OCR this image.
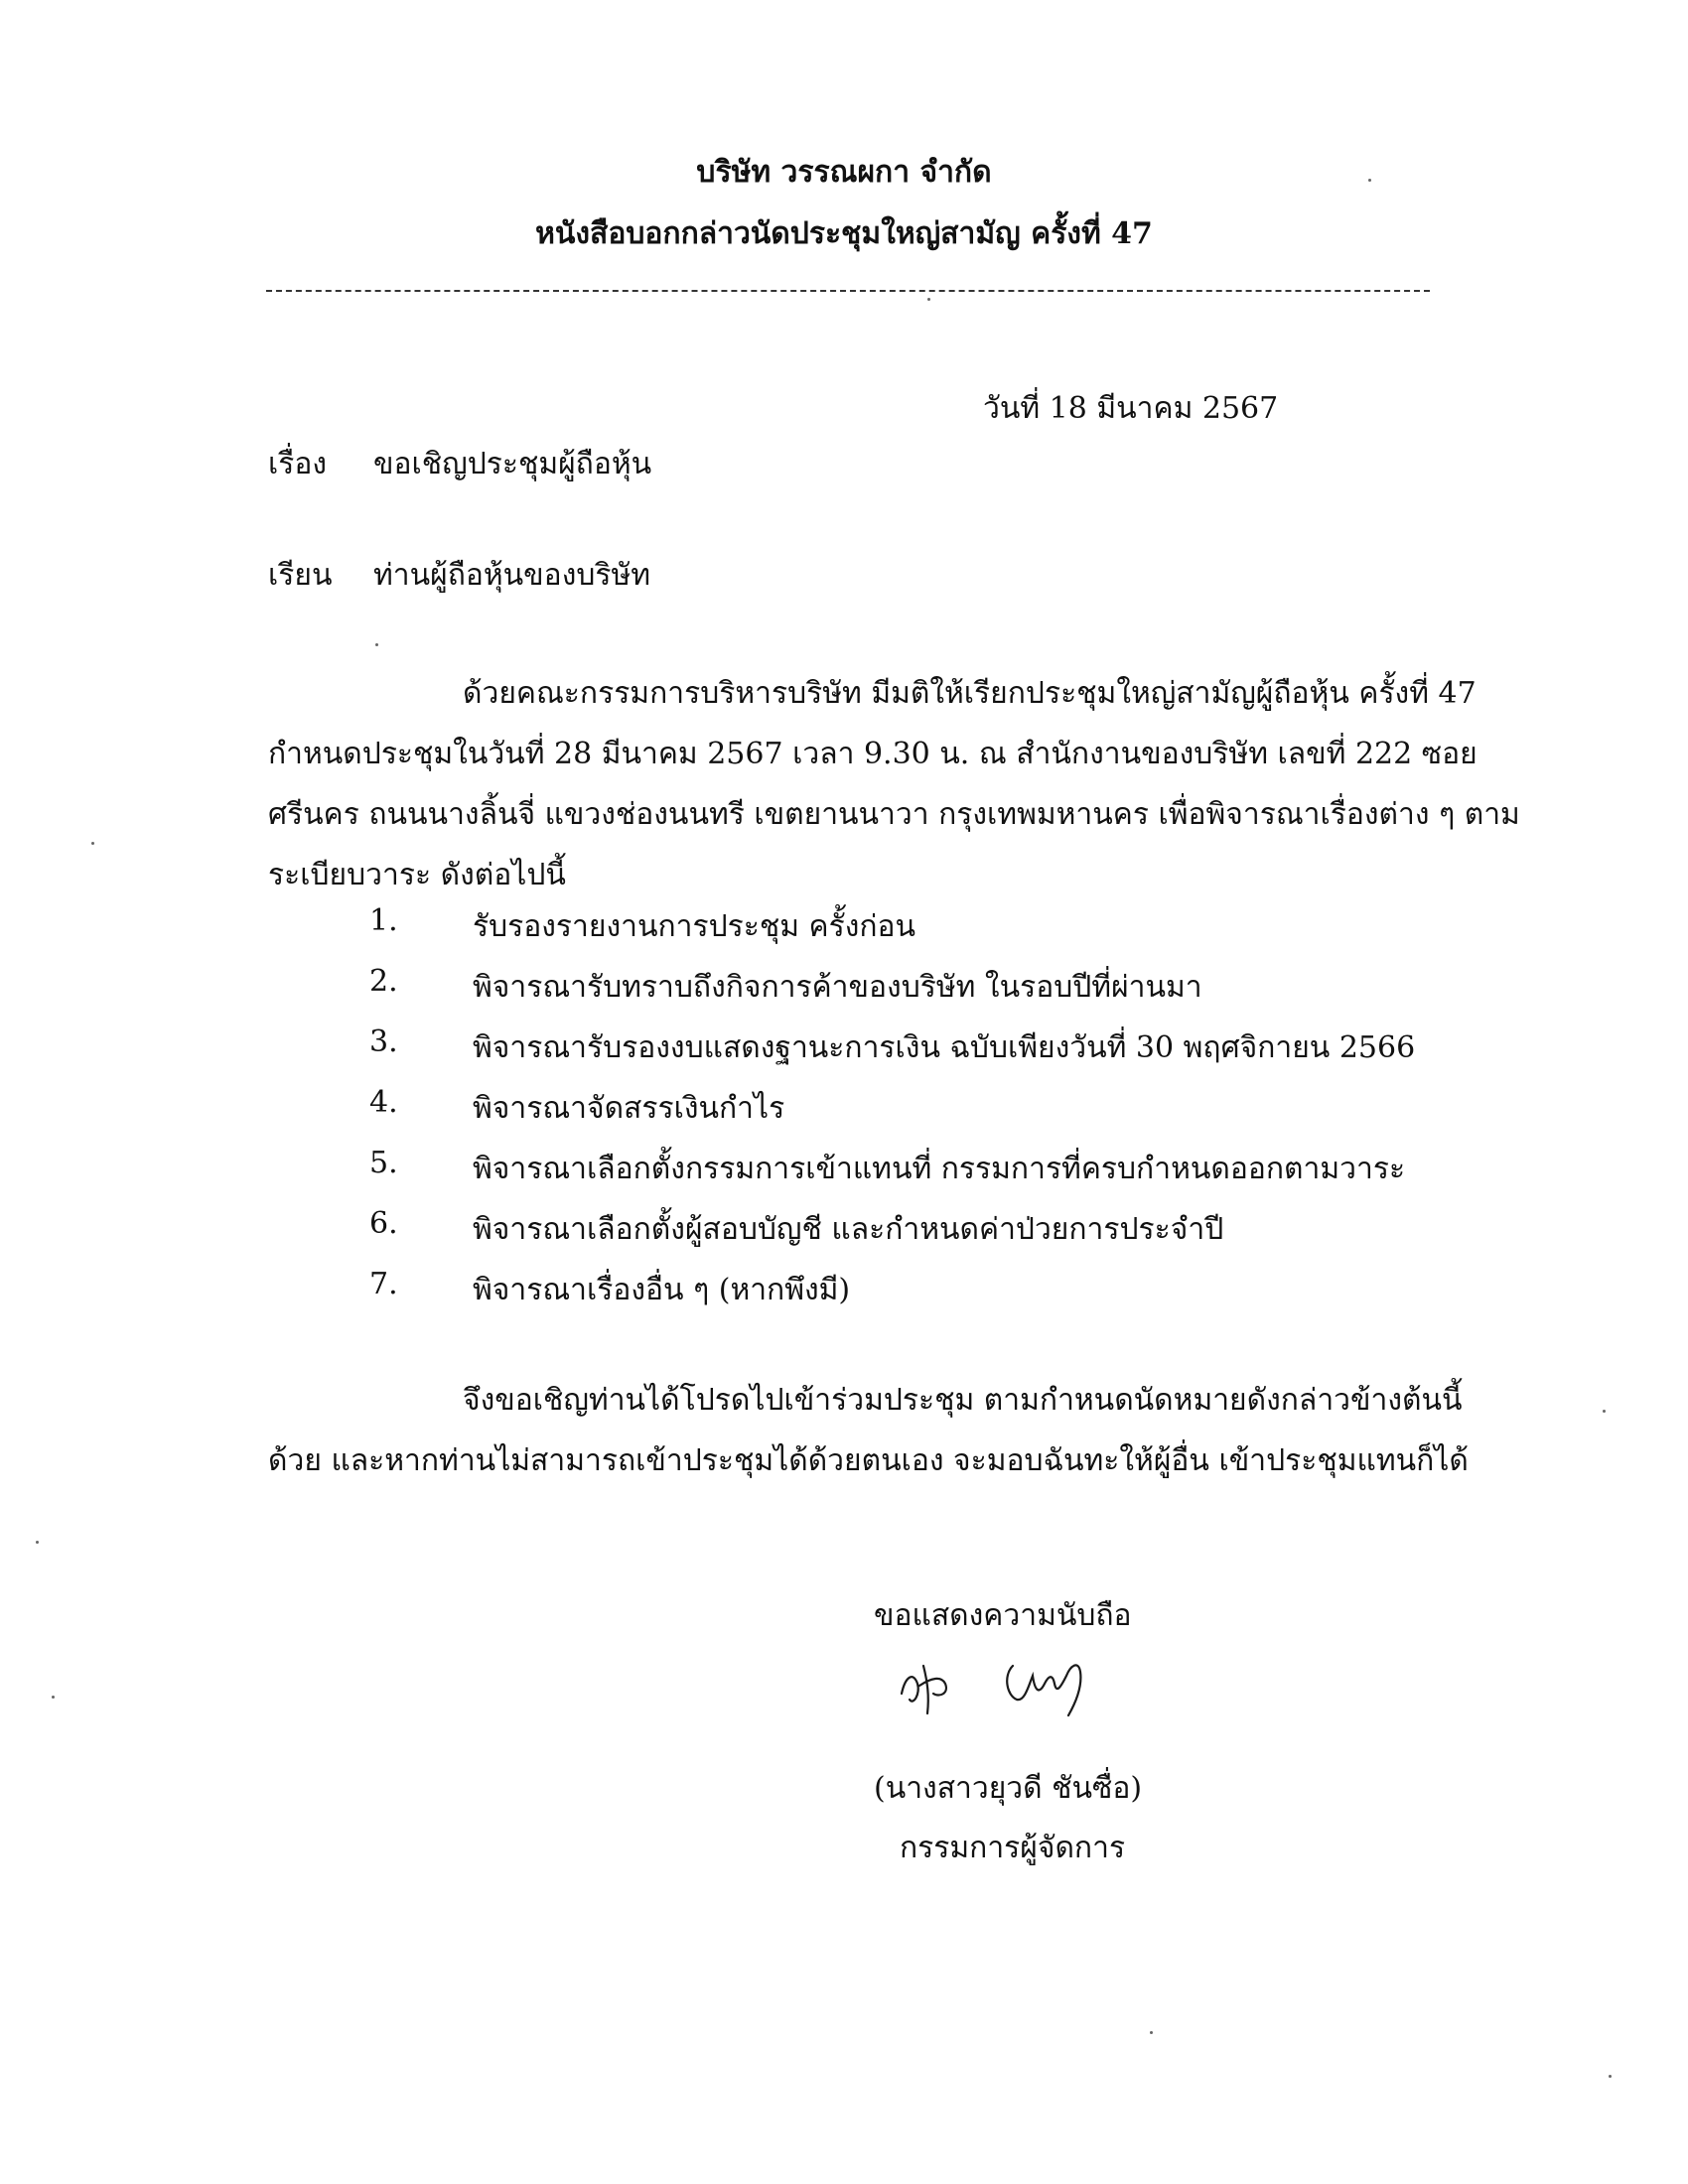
บริษัท วรรณผกา จำกัด
หนังสือบอกกล่าวนัดประชุมใหญ่สามัญ ครั้งที่ 47
วันที่ 18 มีนาคม 2567
เรื่อง ขอเชิญประชุมผู้ถือหุ้น
เรียน ท่านผู้ถือหุ้นของบริษัท
ด้วยคณะกรรมการบริหารบริษัท มีมติให้เรียกประชุมใหญ่สามัญผู้ถือหุ้น ครั้งที่ 47
กำหนดประชุมในวันที่ 28 มีนาคม 2567 เวลา 9.30 น. ณ สำนักงานของบริษัท เลขที่ 222 ซอย
ศรีนคร ถนนนางลิ้นจี่ แขวงช่องนนทรี เขตยานนาวา กรุงเทพมหานคร เพื่อพิจารณาเรื่องต่าง ๆ ตาม
ระเบียบวาระ ดังต่อไปนี้
1.	รับรองรายงานการประชุม ครั้งก่อน
2.	พิจารณารับทราบถึงกิจการค้าของบริษัท ในรอบปีที่ผ่านมา
3.	พิจารณารับรองงบแสดงฐานะการเงิน ฉบับเพียงวันที่ 30 พฤศจิกายน 2566
4.	พิจารณาจัดสรรเงินกำไร
5.	พิจารณาเลือกตั้งกรรมการเข้าแทนที่ กรรมการที่ครบกำหนดออกตามวาระ
6.	พิจารณาเลือกตั้งผู้สอบบัญชี และกำหนดค่าป่วยการประจำปี
7.	พิจารณาเรื่องอื่น ๆ (หากพึงมี)
จึงขอเชิญท่านได้โปรดไปเข้าร่วมประชุม ตามกำหนดนัดหมายดังกล่าวข้างต้นนี้
ด้วย และหากท่านไม่สามารถเข้าประชุมได้ด้วยตนเอง จะมอบฉันทะให้ผู้อื่น เข้าประชุมแทนก็ได้
ขอแสดงความนับถือ
(นางสาวยุวดี ชันซื่อ)
กรรมการผู้จัดการ
